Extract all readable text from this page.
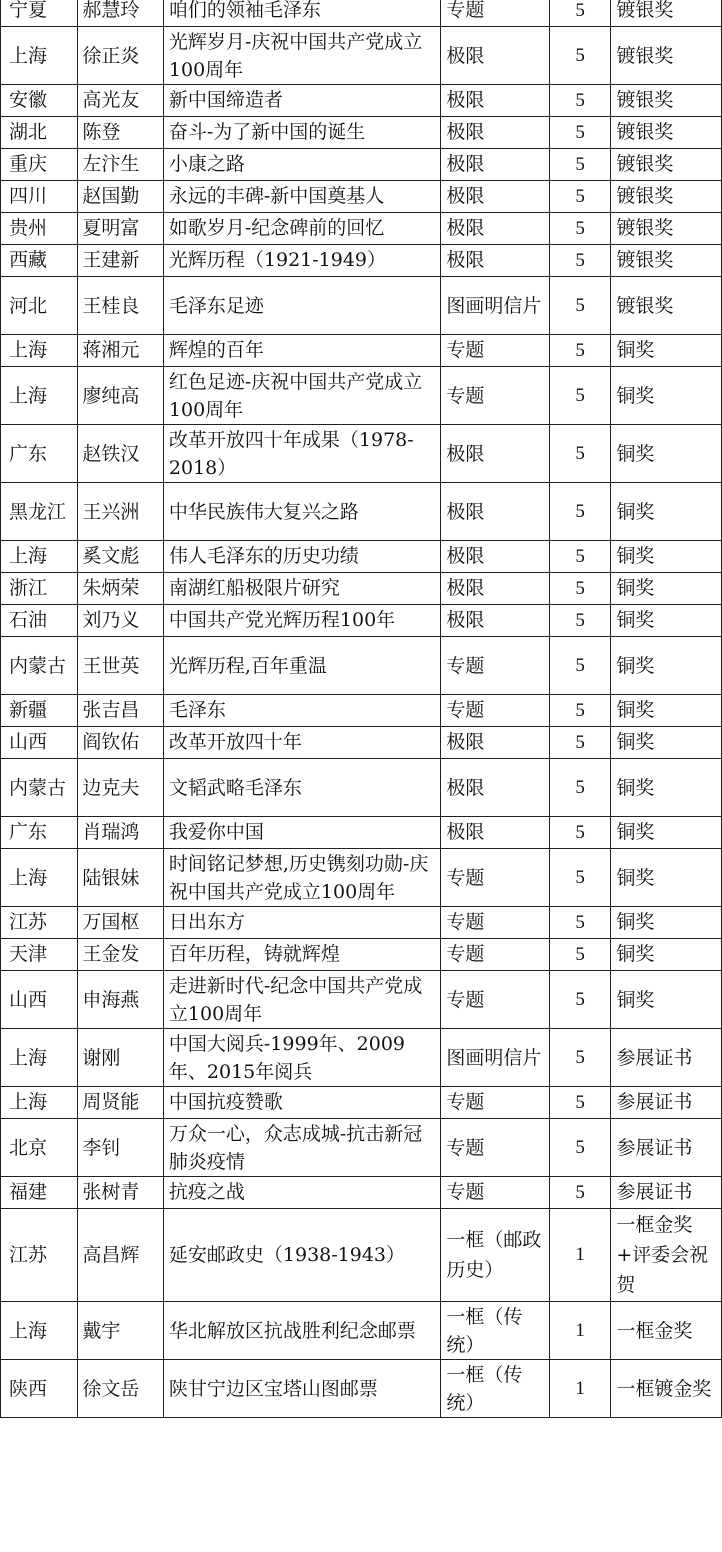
宁夏	郝慧玲	咱们的领袖毛泽东	专题	5	镀银奖
上海	徐正炎	光辉岁月-庆祝中国共产党成立100周年	极限	5	镀银奖
安徽	高光友	新中国缔造者	极限	5	镀银奖
湖北	陈登	奋斗-为了新中国的诞生	极限	5	镀银奖
重庆	左汴生	小康之路	极限	5	镀银奖
四川	赵国勤	永远的丰碑-新中国奠基人	极限	5	镀银奖
贵州	夏明富	如歌岁月-纪念碑前的回忆	极限	5	镀银奖
西藏	王建新	光辉历程（1921-1949）	极限	5	镀银奖
河北	王桂良	毛泽东足迹	图画明信片	5	镀银奖
上海	蒋湘元	辉煌的百年	专题	5	铜奖
上海	廖纯高	红色足迹-庆祝中国共产党成立100周年	专题	5	铜奖
广东	赵铁汉	改革开放四十年成果（1978-2018）	极限	5	铜奖
黑龙江	王兴洲	中华民族伟大复兴之路	极限	5	铜奖
上海	奚文彪	伟人毛泽东的历史功绩	极限	5	铜奖
浙江	朱炳荣	南湖红船极限片研究	极限	5	铜奖
石油	刘乃义	中国共产党光辉历程100年	极限	5	铜奖
内蒙古	王世英	光辉历程,百年重温	专题	5	铜奖
新疆	张吉昌	毛泽东	专题	5	铜奖
山西	阎钦佑	改革开放四十年	极限	5	铜奖
内蒙古	边克夫	文韬武略毛泽东	极限	5	铜奖
广东	肖瑞鸿	我爱你中国	极限	5	铜奖
上海	陆银妹	时间铭记梦想,历史镌刻功勋-庆祝中国共产党成立100周年	专题	5	铜奖
江苏	万国枢	日出东方	专题	5	铜奖
天津	王金发	百年历程，铸就辉煌	专题	5	铜奖
山西	申海燕	走进新时代-纪念中国共产党成立100周年	专题	5	铜奖
上海	谢刚	中国大阅兵-1999年、2009年、2015年阅兵	图画明信片	5	参展证书
上海	周贤能	中国抗疫赞歌	专题	5	参展证书
北京	李钊	万众一心，众志成城-抗击新冠肺炎疫情	专题	5	参展证书
福建	张树青	抗疫之战	专题	5	参展证书
江苏	高昌辉	延安邮政史（1938-1943）	一框（邮政历史）	1	一框金奖+评委会祝贺
上海	戴宇	华北解放区抗战胜利纪念邮票	一框（传统）	1	一框金奖
陕西	徐文岳	陕甘宁边区宝塔山图邮票	一框（传统）	1	一框镀金奖
